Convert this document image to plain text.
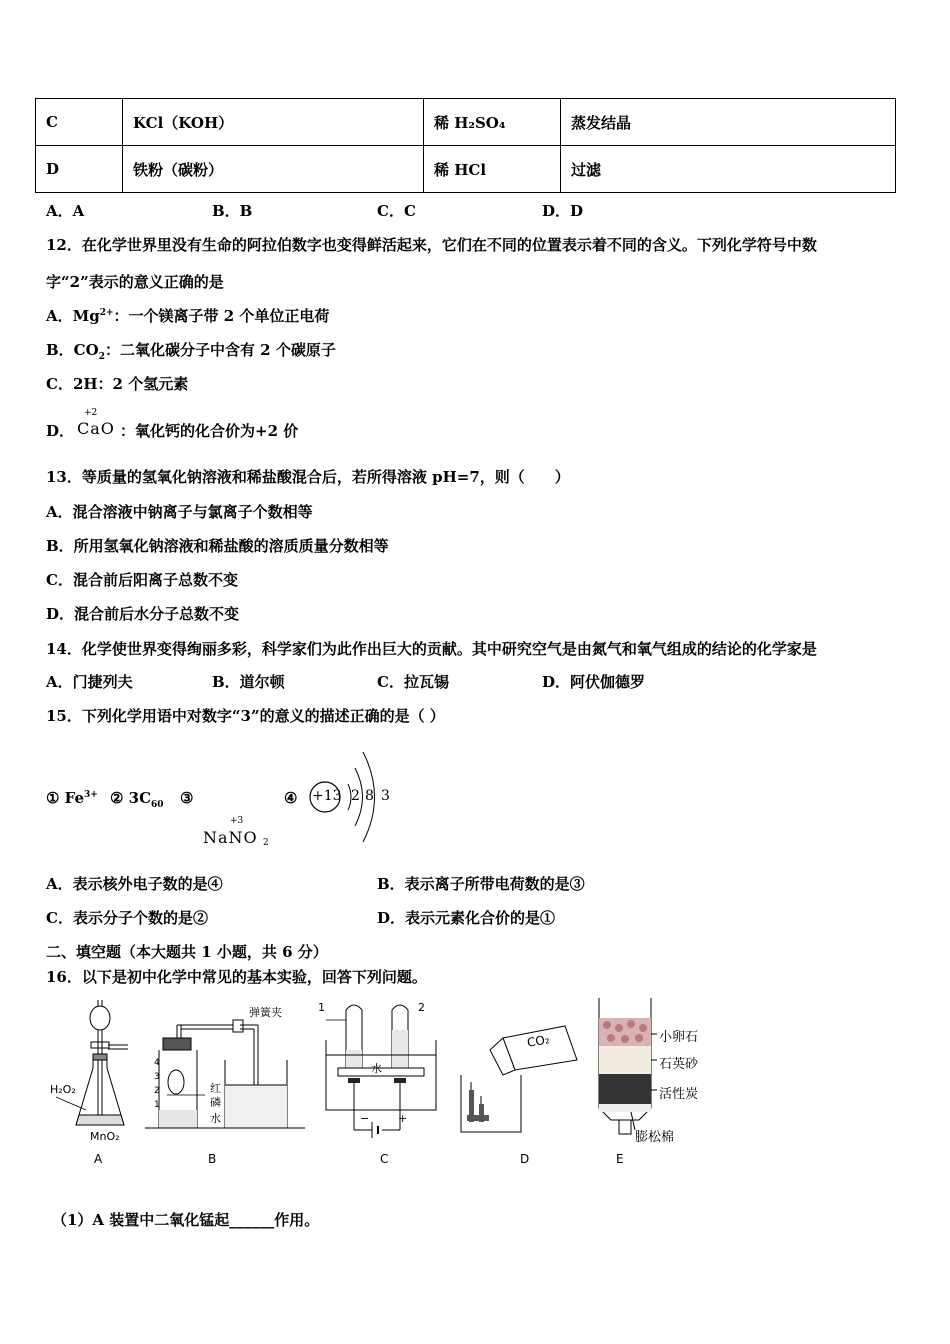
C	KCl（KOH）	稀 H₂SO₄	蒸发结晶
D	铁粉（碳粉）	稀 HCl	过滤
A．A	B．B	C．C	D．D
12．在化学世界里没有生命的阿拉伯数字也变得鲜活起来，它们在不同的位置表示着不同的含义。下列化学符号中数
字“2”表示的意义正确的是
A．$Mg^{2+}$：一个镁离子带 2 个单位正电荷
B．$CO_2$：二氧化碳分子中含有 2 个碳原子
C．2H：2 个氢元素
D．
+2
CaO ：氧化钙的化合价为+2 价
13．等质量的氢氧化钠溶液和稀盐酸混合后，若所得溶液 pH=7，则（　　）
A．混合溶液中钠离子与氯离子个数相等
B．所用氢氧化钠溶液和稀盐酸的溶质质量分数相等
C．混合前后阳离子总数不变
D．混合前后水分子总数不变
14．化学使世界变得绚丽多彩，科学家们为此作出巨大的贡献。其中研究空气是由氮气和氧气组成的结论的化学家是
A．门捷列夫	B．道尔顿	C．拉瓦锡	D．阿伏伽德罗
15．下列化学用语中对数字“3”的意义的描述正确的是（ ）
① $Fe^{3+}$ ② $3C_{60}$ ③	④
+3
NaNO 2
+13 2 8 3
A．表示核外电子数的是④	B．表示离子所带电荷数的是③
C．表示分子个数的是②	D．表示元素化合价的是①
二、填空题（本大题共 1 小题，共 6 分）
16．以下是初中化学中常见的基本实验，回答下列问题。
H₂O₂
MnO₂
A
弹簧夹
红
磷
水
4
3
2
1
B
1	2
水
−	+
C
CO₂
D
小卵石
石英砂
活性炭
膨松棉
E
（1）A 装置中二氧化锰起______作用。
